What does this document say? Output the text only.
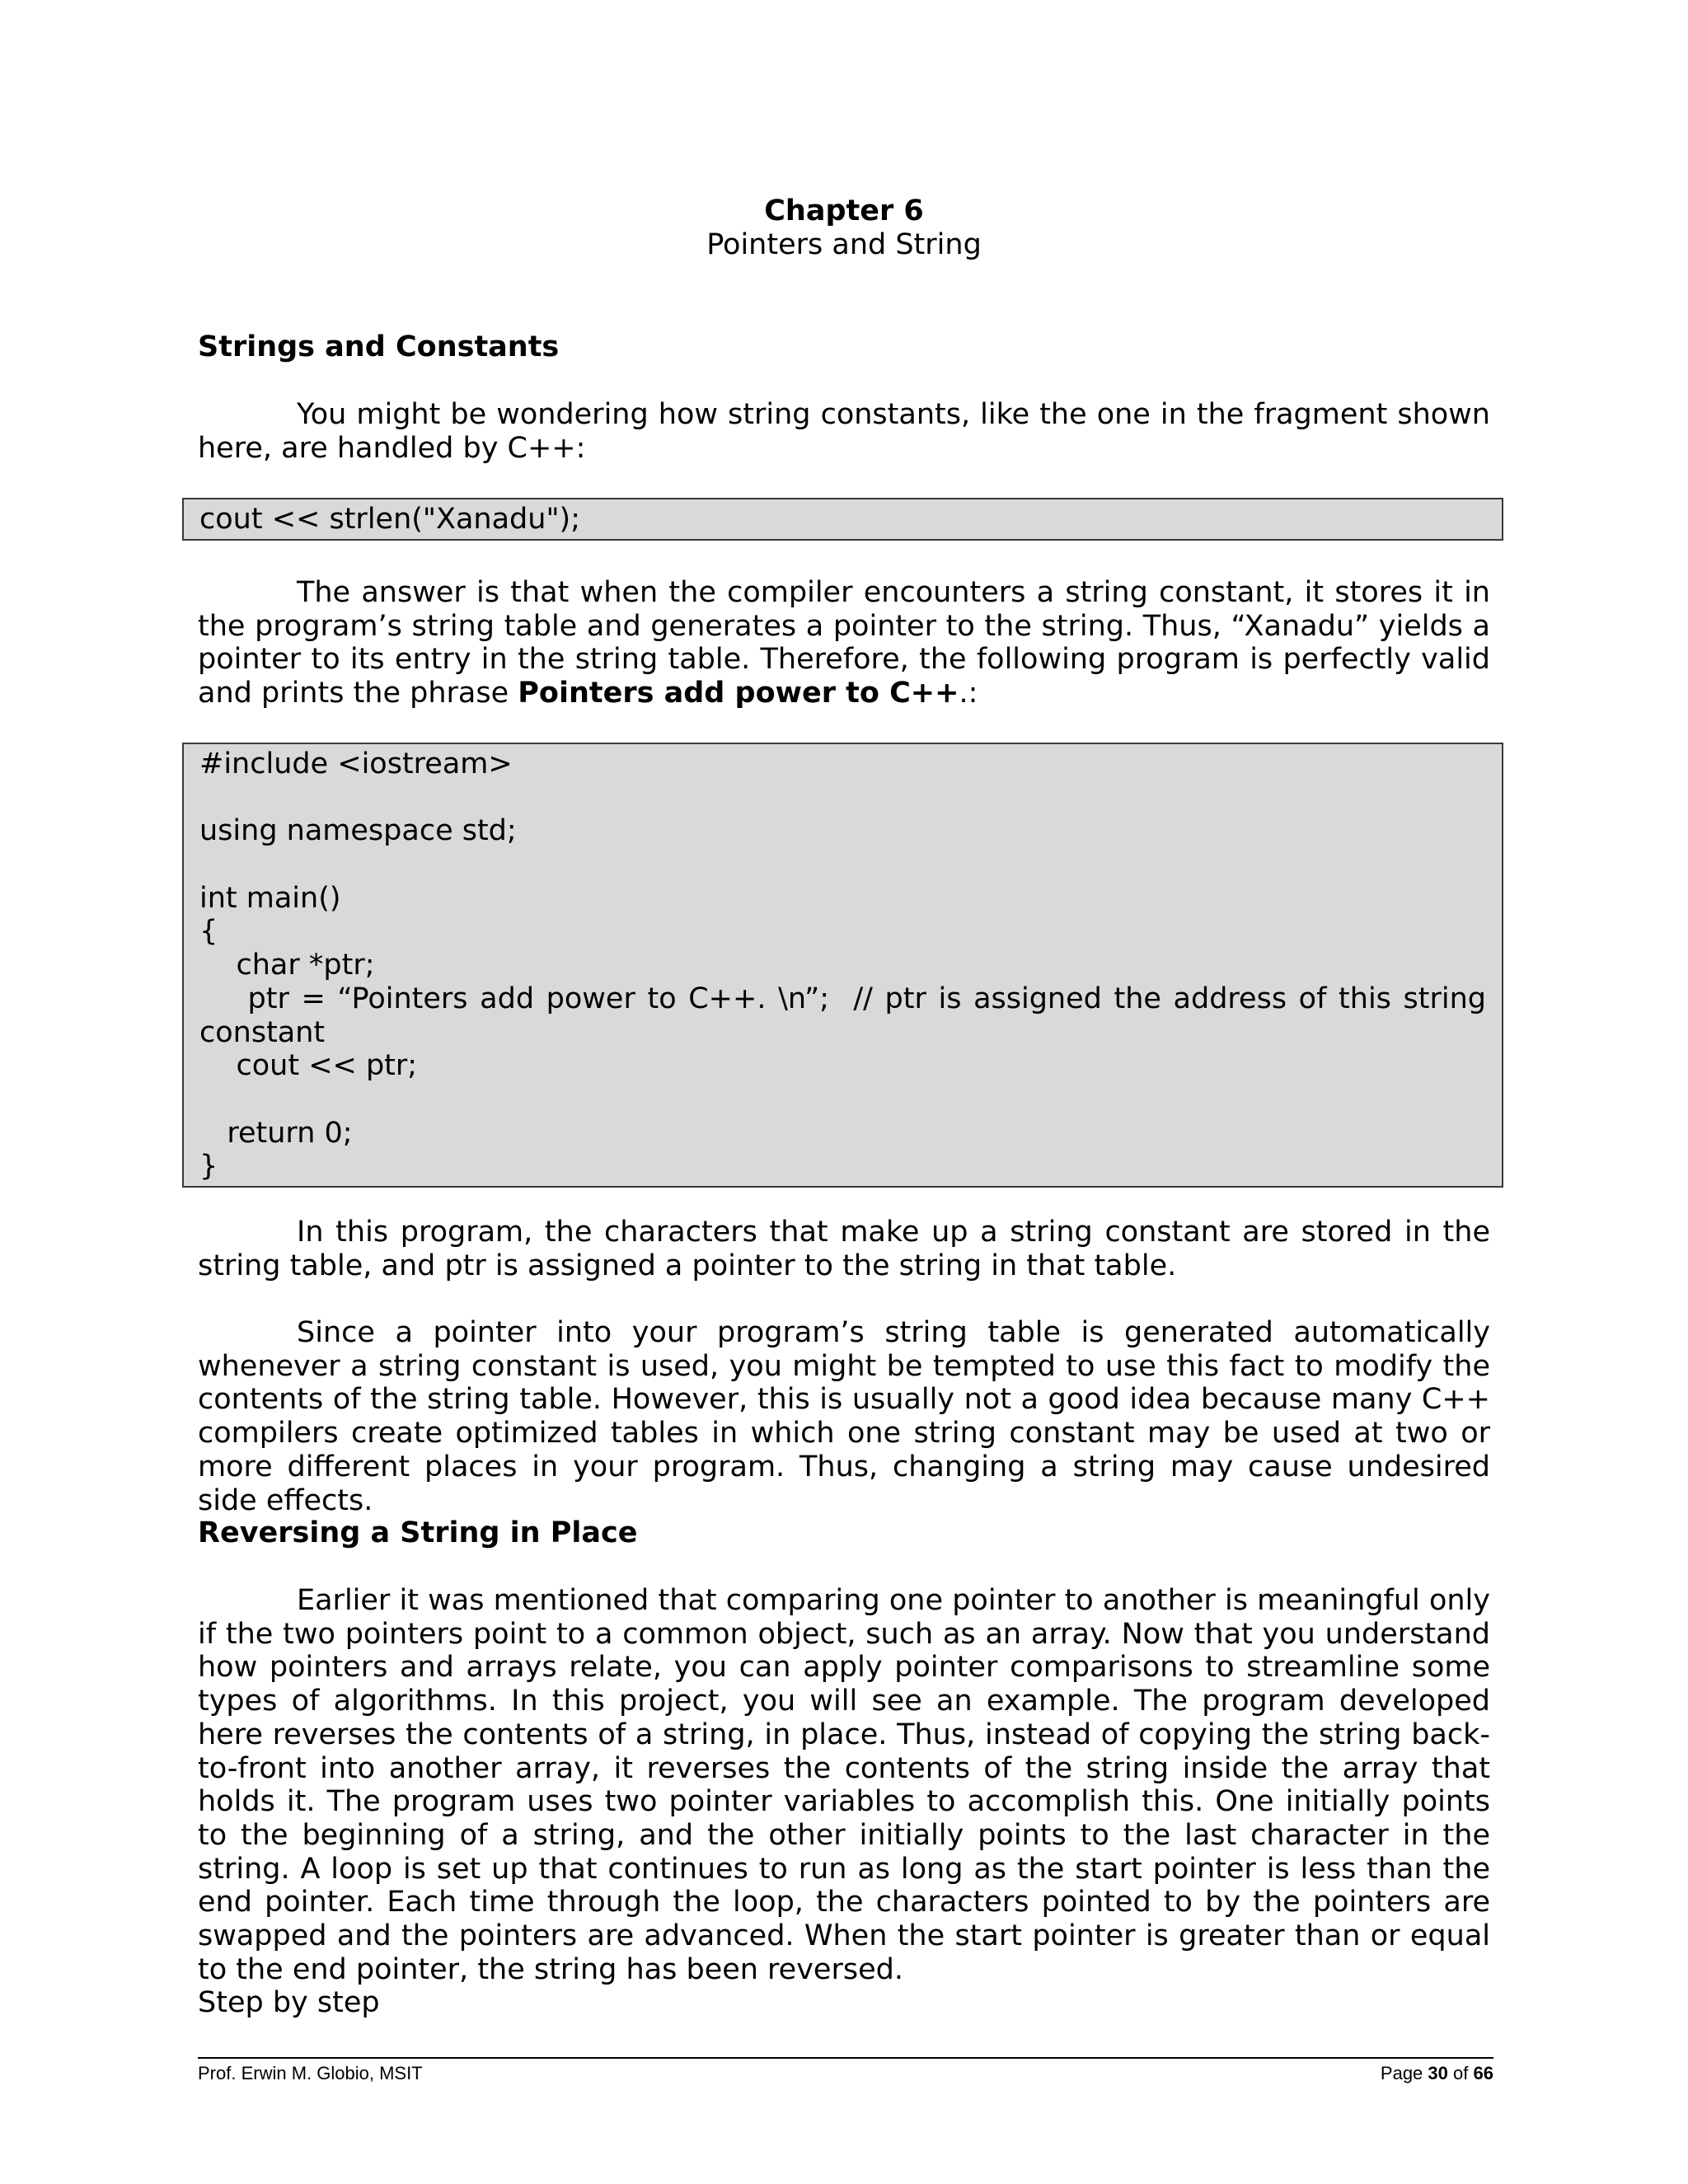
Chapter 6
Pointers and String
Strings and Constants

You might be wondering how string constants, like the one in the fragment shown here, are handled by C++:

cout << strlen("Xanadu");

The answer is that when the compiler encounters a string constant, it stores it in the program’s string table and generates a pointer to the string. Thus, “Xanadu” yields a pointer to its entry in the string table. Therefore, the following program is perfectly valid and prints the phrase Pointers add power to C++.:

#include <iostream>
using namespace std;
int main()
{
char *ptr;
ptr = “Pointers add power to C++. \n”;  // ptr is assigned the address of this string
constant
cout << ptr;
return 0;
}

In this program, the characters that make up a string constant are stored in the string table, and ptr is assigned a pointer to the string in that table.

Since a pointer into your program’s string table is generated automatically whenever a string constant is used, you might be tempted to use this fact to modify the contents of the string table. However, this is usually not a good idea because many C++ compilers create optimized tables in which one string constant may be used at two or more different places in your program. Thus, changing a string may cause undesired side effects.

Reversing a String in Place

Earlier it was mentioned that comparing one pointer to another is meaningful only if the two pointers point to a common object, such as an array. Now that you understand how pointers and arrays relate, you can apply pointer comparisons to streamline some types of algorithms. In this project, you will see an example. The program developed here reverses the contents of a string, in place. Thus, instead of copying the string back-to-front into another array, it reverses the contents of the string inside the array that holds it. The program uses two pointer variables to accomplish this. One initially points to the beginning of a string, and the other initially points to the last character in the string. A loop is set up that continues to run as long as the start pointer is less than the end pointer. Each time through the loop, the characters pointed to by the pointers are swapped and the pointers are advanced. When the start pointer is greater than or equal to the end pointer, the string has been reversed.

Step by step

Prof. Erwin M. Globio, MSIT	Page 30 of 66
